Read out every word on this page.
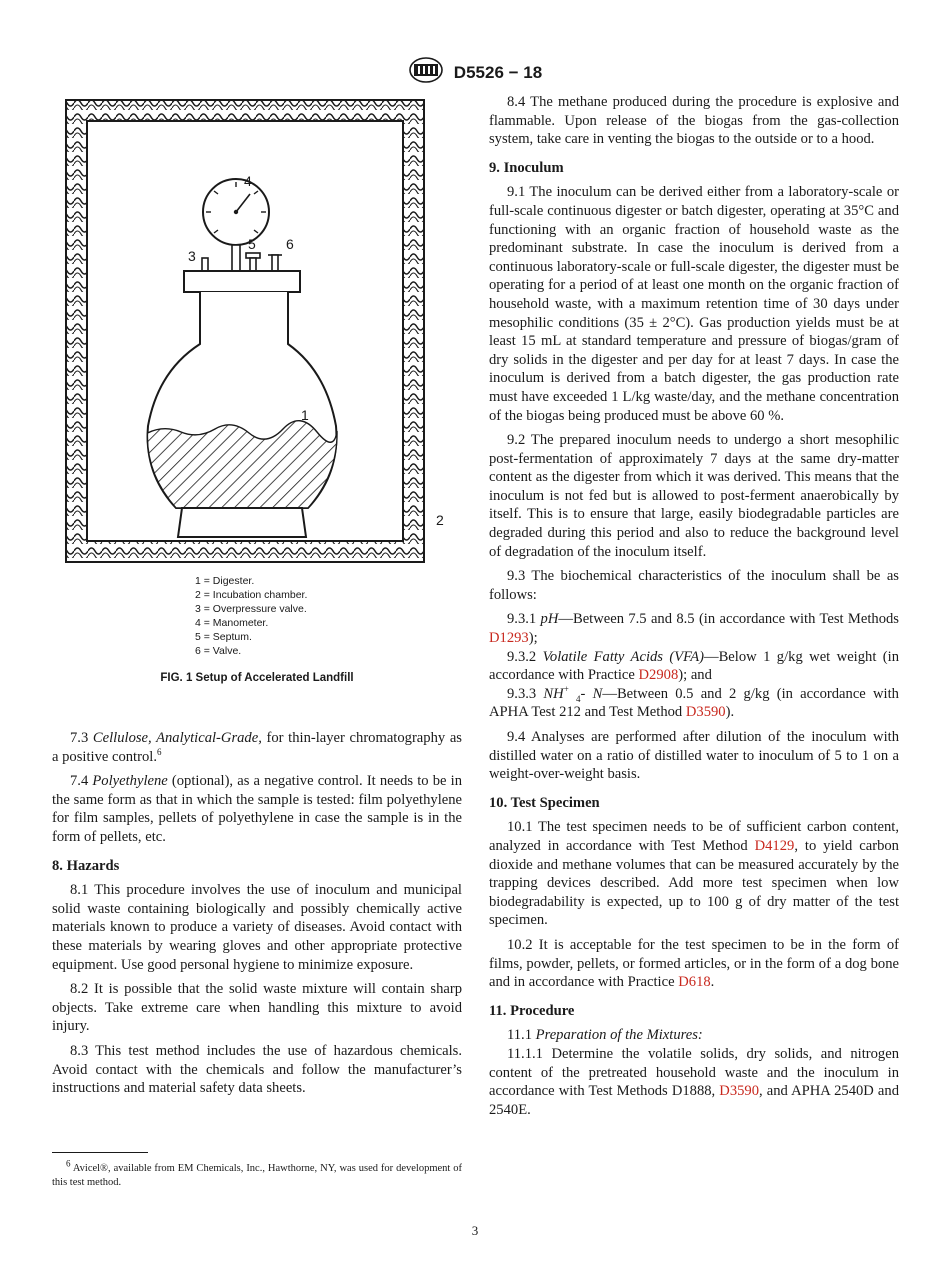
D5526 − 18
4
3
5 6
1
2
1 = Digester.
2 = Incubation chamber.
3 = Overpressure valve.
4 = Manometer.
5 = Septum.
6 = Valve.
FIG. 1 Setup of Accelerated Landfill

7.3 Cellulose, Analytical-Grade, for thin-layer chromatography as a positive control.$^6$

7.4 Polyethylene (optional), as a negative control. It needs to be in the same form as that in which the sample is tested: film polyethylene for film samples, pellets of polyethylene in case the sample is in the form of pellets, etc.

8. Hazards

8.1 This procedure involves the use of inoculum and municipal solid waste containing biologically and possibly chemically active materials known to produce a variety of diseases. Avoid contact with these materials by wearing gloves and other appropriate protective equipment. Use good personal hygiene to minimize exposure.

8.2 It is possible that the solid waste mixture will contain sharp objects. Take extreme care when handling this mixture to avoid injury.

8.3 This test method includes the use of hazardous chemicals. Avoid contact with the chemicals and follow the manufacturer’s instructions and material safety data sheets.

$^6$ Avicel®, available from EM Chemicals, Inc., Hawthorne, NY, was used for development of this test method.

8.4 The methane produced during the procedure is explosive and flammable. Upon release of the biogas from the gas-collection system, take care in venting the biogas to the outside or to a hood.

9. Inoculum

9.1 The inoculum can be derived either from a laboratory-scale or full-scale continuous digester or batch digester, operating at 35°C and functioning with an organic fraction of household waste as the predominant substrate. In case the inoculum is derived from a continuous laboratory-scale or full-scale digester, the digester must be operating for a period of at least one month on the organic fraction of household waste, with a maximum retention time of 30 days under mesophilic conditions (35 ± 2°C). Gas production yields must be at least 15 mL at standard temperature and pressure of biogas/gram of dry solids in the digester and per day for at least 7 days. In case the inoculum is derived from a batch digester, the gas production rate must have exceeded 1 L/kg waste/day, and the methane concentration of the biogas being produced must be above 60 %.

9.2 The prepared inoculum needs to undergo a short mesophilic post-fermentation of approximately 7 days at the same dry-matter content as the digester from which it was derived. This means that the inoculum is not fed but is allowed to post-ferment anaerobically by itself. This is to ensure that large, easily biodegradable particles are degraded during this period and also to reduce the background level of degradation of the inoculum itself.

9.3 The biochemical characteristics of the inoculum shall be as follows:

9.3.1 pH—Between 7.5 and 8.5 (in accordance with Test Methods D1293);

9.3.2 Volatile Fatty Acids (VFA)—Below 1 g/kg wet weight (in accordance with Practice D2908); and

9.3.3 NH+ $_4$- N—Between 0.5 and 2 g/kg (in accordance with APHA Test 212 and Test Method D3590).

9.4 Analyses are performed after dilution of the inoculum with distilled water on a ratio of distilled water to inoculum of 5 to 1 on a weight-over-weight basis.

10. Test Specimen

10.1 The test specimen needs to be of sufficient carbon content, analyzed in accordance with Test Method D4129, to yield carbon dioxide and methane volumes that can be measured accurately by the trapping devices described. Add more test specimen when low biodegradability is expected, up to 100 g of dry matter of the test specimen.

10.2 It is acceptable for the test specimen to be in the form of films, powder, pellets, or formed articles, or in the form of a dog bone and in accordance with Practice D618.

11. Procedure

11.1 Preparation of the Mixtures:

11.1.1 Determine the volatile solids, dry solids, and nitrogen content of the pretreated household waste and the inoculum in accordance with Test Methods D1888, D3590, and APHA 2540D and 2540E.

3
